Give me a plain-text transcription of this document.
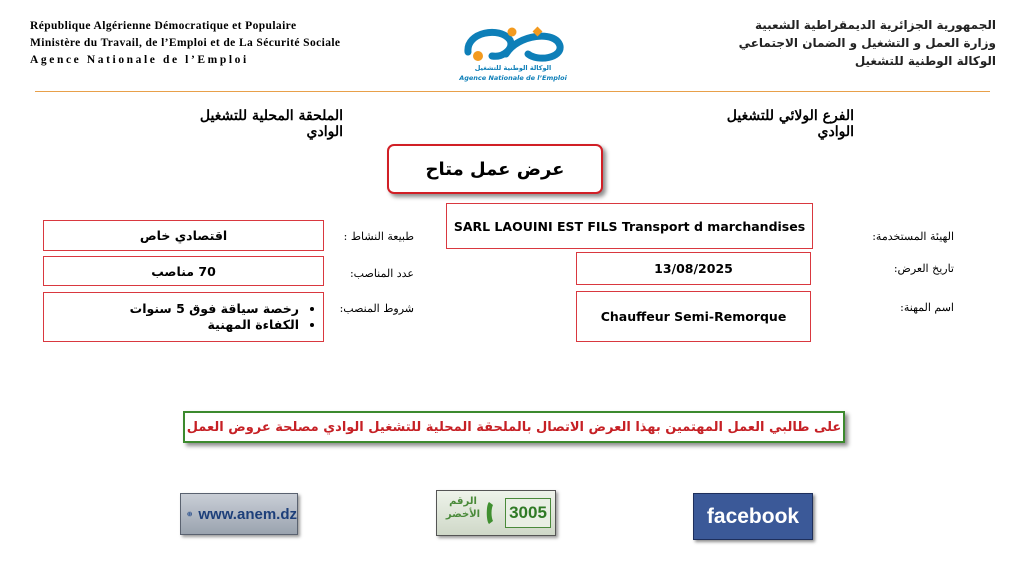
République Algérienne Démocratique et Populaire
Ministère du Travail, de l’Emploi et de La Sécurité Sociale
Agence Nationale de l’Emploi
الجمهورية الجزائرية الديمقراطية الشعبية
وزارة العمل و التشغيل و الضمان الاجتماعي
الوكالة الوطنية للتشغيل
الوكالة الوطنية للتشغيل
Agence Nationale de l’Emploi
الفرع الولائي للتشغيل الوادي
الملحقة المحلية للتشغيل الوادي
عرض عمل متاح
الهيئة المستخدمة:
SARL LAOUINI EST FILS Transport d marchandises
تاريخ العرض:
13/08/2025
اسم المهنة:
Chauffeur Semi-Remorque
طبيعة النشاط :
اقتصادي خاص
عدد المناصب:
70 مناصب
شروط المنصب:
• رخصة سياقة فوق 5 سنوات
• الكفاءة المهنية
على طالبي العمل المهتمين بهذا العرض الاتصال بالملحقة المحلية للتشغيل الوادي مصلحة عروض العمل
www.anem.dz
الرقم
الأخضر 3005	facebook
